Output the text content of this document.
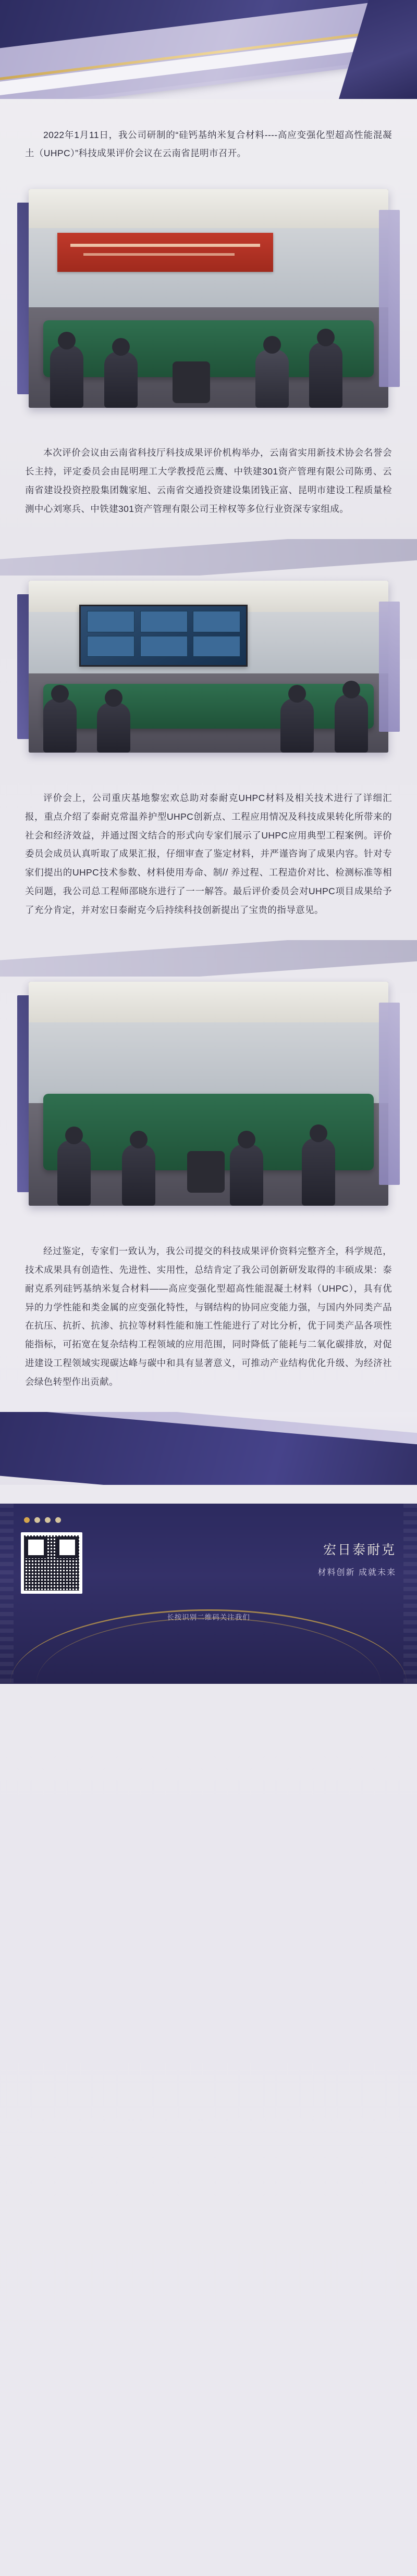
2022年1月11日，我公司研制的“硅钙基纳米复合材料----高应变强化型超高性能混凝土（UHPC）”科技成果评价会议在云南省昆明市召开。

本次评价会议由云南省科技厅科技成果评价机构举办，云南省实用新技术协会名誉会长主持，评定委员会由昆明理工大学教授范云鹰、中铁建301资产管理有限公司陈勇、云南省建设投资控股集团魏家旭、云南省交通投资建设集团钱正富、昆明市建设工程质量检测中心刘寒兵、中铁建301资产管理有限公司王梓权等多位行业资深专家组成。

评价会上，公司重庆基地黎宏欢总助对泰耐克UHPC材料及相关技术进行了详细汇报，重点介绍了泰耐克常温养护型UHPC创新点、工程应用情况及科技成果转化所带来的社会和经济效益，并通过图文结合的形式向专家们展示了UHPC应用典型工程案例。评价委员会成员认真听取了成果汇报，仔细审查了鉴定材料，并严谨咨询了成果内容。针对专家们提出的UHPC技术参数、材料使用寿命、制// 养过程、工程造价对比、检测标准等相关问题，我公司总工程师邵晓东进行了一一解答。最后评价委员会对UHPC项目成果给予了充分肯定，并对宏日泰耐克今后持续科技创新提出了宝贵的指导意见。

经过鉴定，专家们一致认为，我公司提交的科技成果评价资料完整齐全，科学规范，技术成果具有创造性、先进性、实用性，总结肯定了我公司创新研发取得的丰硕成果：泰耐克系列硅钙基纳米复合材料——高应变强化型超高性能混凝土材料（UHPC），具有优异的力学性能和类金属的应变强化特性，与钢结构的协同应变能力强，与国内外同类产品在抗压、抗折、抗渗、抗拉等材料性能和施工性能进行了对比分析，优于同类产品各项性能指标，可拓宽在复杂结构工程领域的应用范围，同时降低了能耗与二氧化碳排放，对促进建设工程领域实现碳达峰与碳中和具有显著意义，可推动产业结构优化升级、为经济社会绿色转型作出贡献。

宏日泰耐克
材料创新 成就未来
长按识别二维码关注我们
